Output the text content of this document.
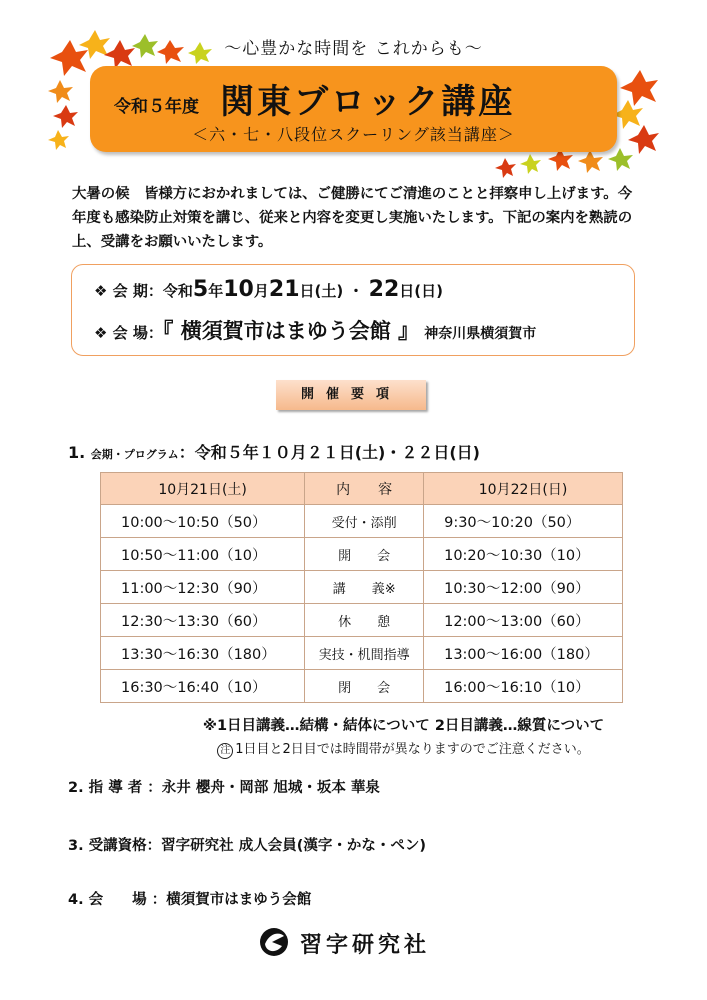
～心豊かな時間を これからも～
令和５年度 関東ブロック講座
＜六・七・八段位スクーリング該当講座＞
大暑の候　皆様方におかれましては、ご健勝にてご清進のことと拝察申し上げます。今年度も感染防止対策を講じ、従来と内容を変更し実施いたします。下記の案内を熟読の上、受講をお願いいたします。
❖ 会 期：令和5年10月21日(土) ・ 22日(日)
❖ 会 場：『 横須賀市はまゆう会館 』 神奈川県横須賀市
開催要項
1. 会期・プログラム：令和５年１０月２１日(土)・２２日(日)
10月21日(土)	内　　容	10月22日(日)
10:00～10:50（50）	受付・添削	9:30～10:20（50）
10:50～11:00（10）	開　　会	10:20～10:30（10）
11:00～12:30（90）	講　　義※	10:30～12:00（90）
12:30～13:30（60）	休　　憩	12:00～13:00（60）
13:30～16:30（180）	実技・机間指導	13:00～16:00（180）
16:30～16:40（10）	閉　　会	16:00～16:10（10）
※1日目講義…結構・結体について 2日目講義…線質について
注 1日目と2日目では時間帯が異なりますのでご注意ください。
2. 指 導 者 ：永井 櫻舟・岡部 旭城・坂本 華泉
3. 受講資格：習字研究社 成人会員(漢字・かな・ペン)
4. 会　　場 ：横須賀市はまゆう会館
習字研究社
